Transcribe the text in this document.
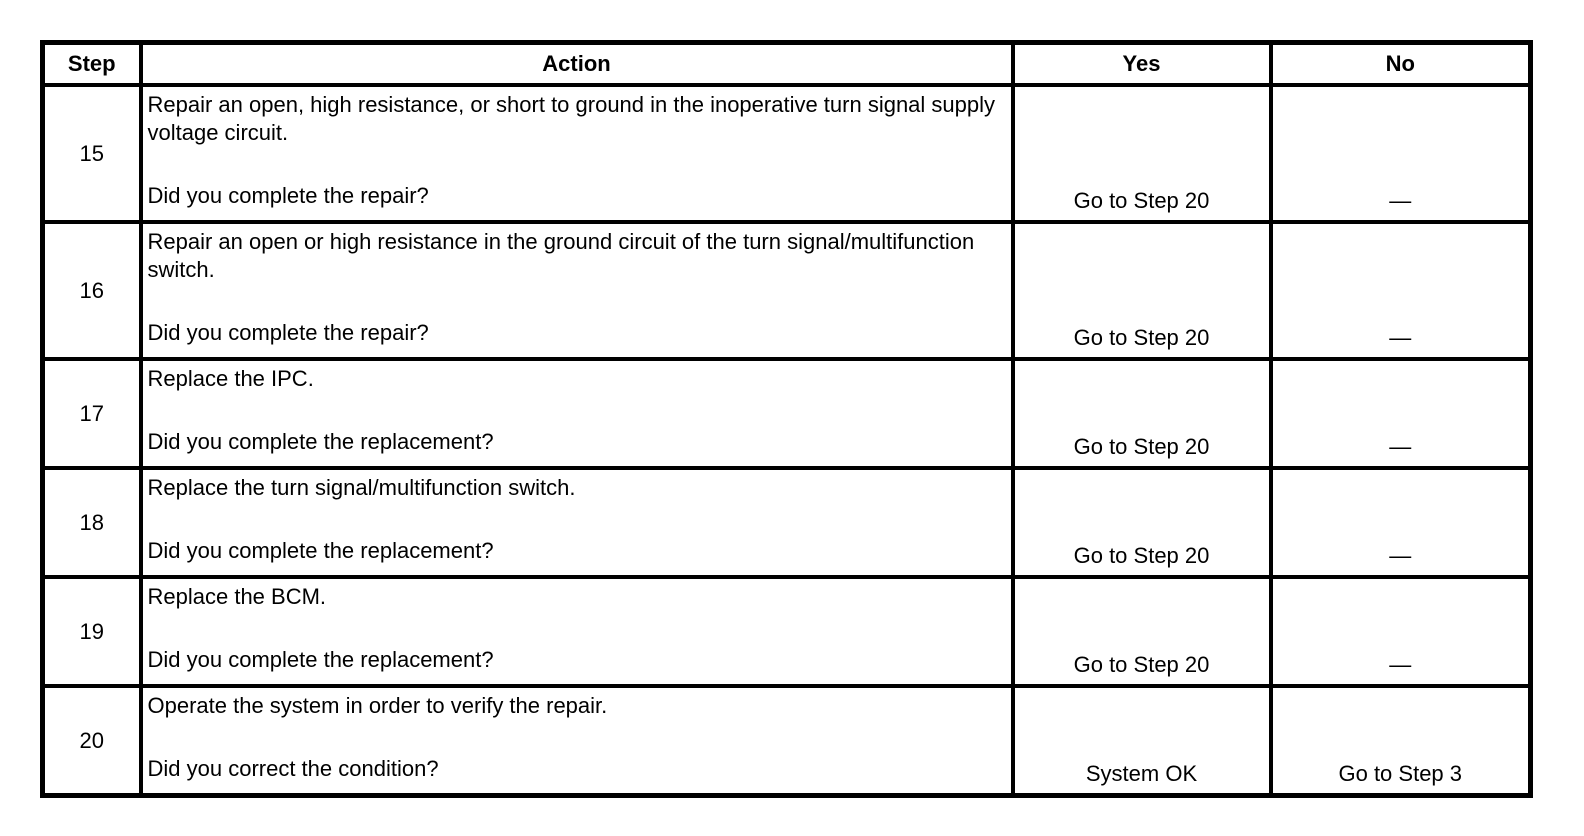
Step	Action	Yes	No
15	Repair an open, high resistance, or short to ground in the inoperative turn signal supply voltage circuit.
Did you complete the repair?	Go to Step 20	—
16	Repair an open or high resistance in the ground circuit of the turn signal/multifunction switch.
Did you complete the repair?	Go to Step 20	—
17	Replace the IPC.
Did you complete the replacement?	Go to Step 20	—
18	Replace the turn signal/multifunction switch.
Did you complete the replacement?	Go to Step 20	—
19	Replace the BCM.
Did you complete the replacement?	Go to Step 20	—
20	Operate the system in order to verify the repair.
Did you correct the condition?	System OK	Go to Step 3
